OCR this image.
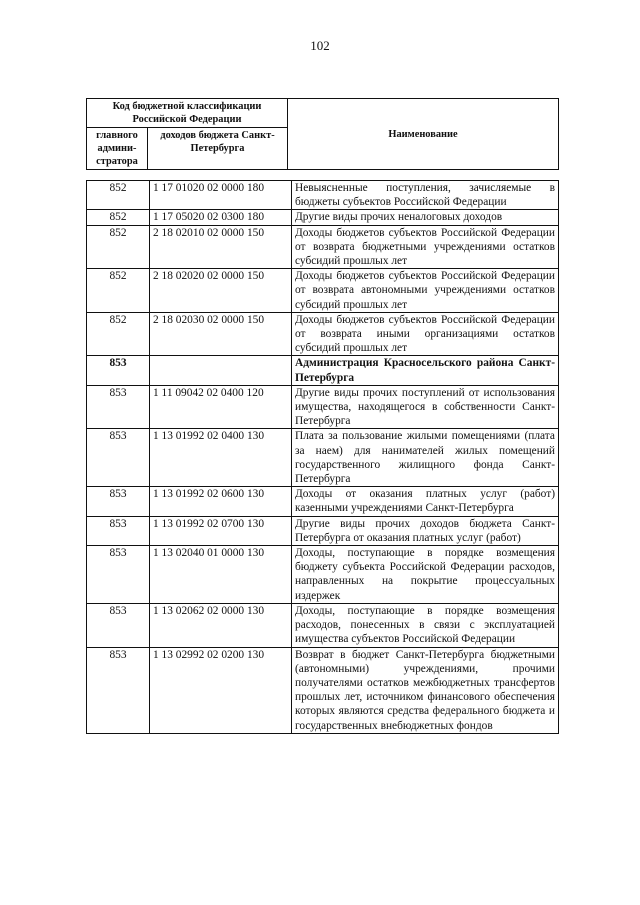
102
Код бюджетной классификации Российской Федерации		Наименование
главного админи-стратора	доходов бюджета Санкт-Петербурга	
852	1 17 01020 02 0000 180	Невыясненные поступления, зачисляемые в бюджеты субъектов Российской Федерации
852	1 17 05020 02 0300 180	Другие виды прочих неналоговых доходов
852	2 18 02010 02 0000 150	Доходы бюджетов субъектов Российской Федерации от возврата бюджетными учреждениями остатков субсидий прошлых лет
852	2 18 02020 02 0000 150	Доходы бюджетов субъектов Российской Федерации от возврата автономными учреждениями остатков субсидий прошлых лет
852	2 18 02030 02 0000 150	Доходы бюджетов субъектов Российской Федерации от возврата иными организациями остатков субсидий прошлых лет
853		Администрация Красносельского района Санкт-Петербурга
853	1 11 09042 02 0400 120	Другие виды прочих поступлений от использования имущества, находящегося в собственности Санкт-Петербурга
853	1 13 01992 02 0400 130	Плата за пользование жилыми помещениями (плата за наем) для нанимателей жилых помещений государственного жилищного фонда Санкт-Петербурга
853	1 13 01992 02 0600 130	Доходы от оказания платных услуг (работ) казенными учреждениями Санкт-Петербурга
853	1 13 01992 02 0700 130	Другие виды прочих доходов бюджета Санкт-Петербурга от оказания платных услуг (работ)
853	1 13 02040 01 0000 130	Доходы, поступающие в порядке возмещения бюджету субъекта Российской Федерации расходов, направленных на покрытие процессуальных издержек
853	1 13 02062 02 0000 130	Доходы, поступающие в порядке возмещения расходов, понесенных в связи с эксплуатацией имущества субъектов Российской Федерации
853	1 13 02992 02 0200 130	Возврат в бюджет Санкт-Петербурга бюджетными (автономными) учреждениями, прочими получателями остатков межбюджетных трансфертов прошлых лет, источником финансового обеспечения которых являются средства федерального бюджета и государственных внебюджетных фондов
